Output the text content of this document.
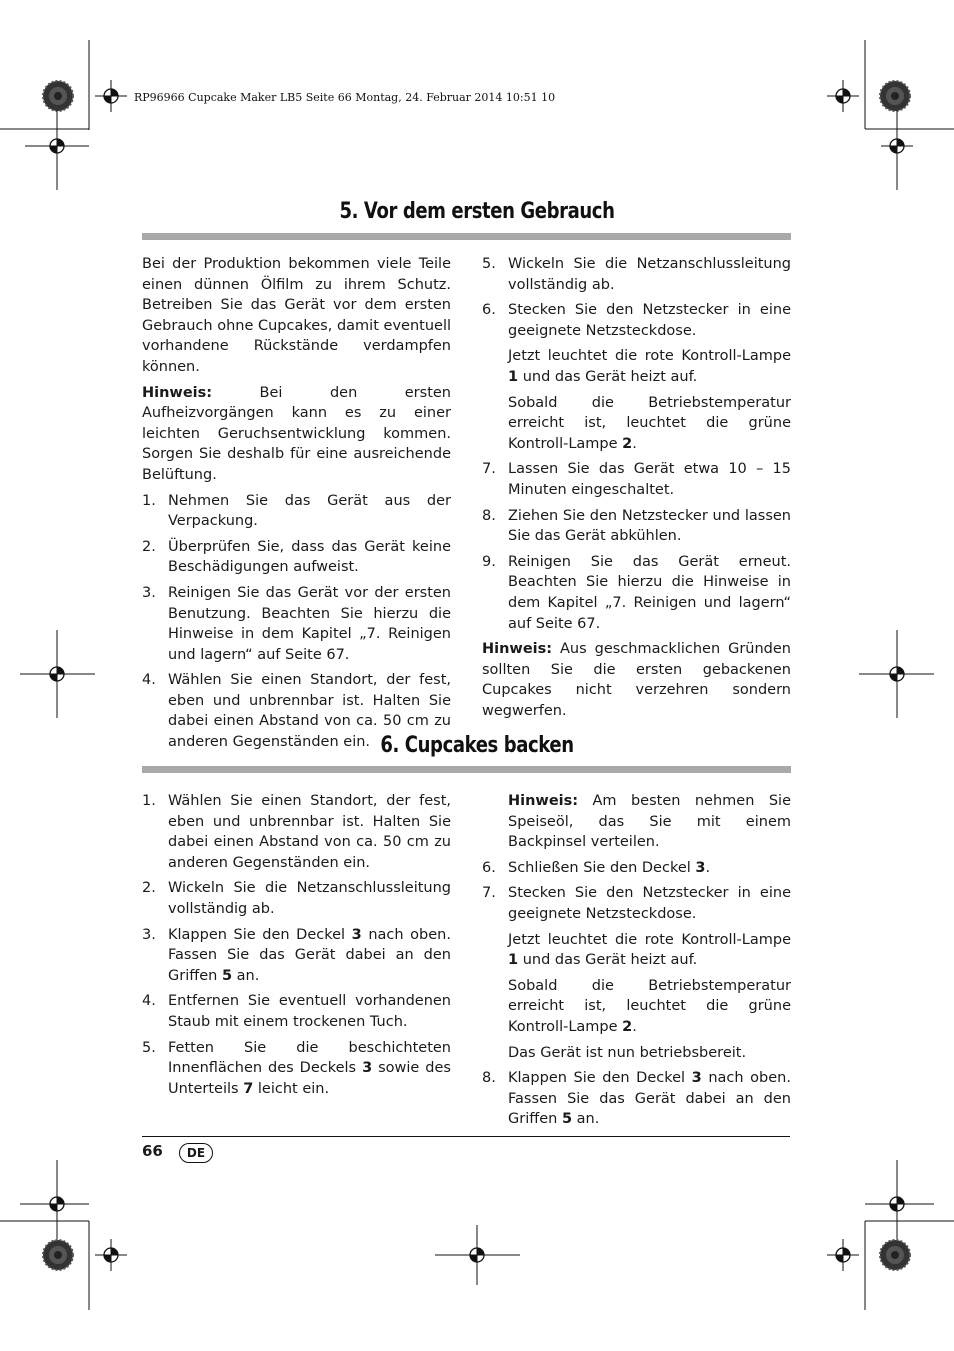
RP96966 Cupcake Maker LB5 Seite 66 Montag, 24. Februar 2014 10:51 10
5. Vor dem ersten Gebrauch

Bei der Produktion bekommen viele Teile einen dünnen Ölfilm zu ihrem Schutz. Betreiben Sie das Gerät vor dem ersten Gebrauch ohne Cupcakes, damit eventuell vorhandene Rückstände verdampfen können.

Hinweis: Bei den ersten Aufheizvorgängen kann es zu einer leichten Geruchsentwicklung kommen. Sorgen Sie deshalb für eine ausreichende Belüftung.

1. Nehmen Sie das Gerät aus der Verpackung.
2. Überprüfen Sie, dass das Gerät keine Beschädigungen aufweist.
3. Reinigen Sie das Gerät vor der ersten Benutzung. Beachten Sie hierzu die Hinweise in dem Kapitel „7. Reinigen und lagern“ auf Seite 67.
4. Wählen Sie einen Standort, der fest, eben und unbrennbar ist. Halten Sie dabei einen Abstand von ca. 50 cm zu anderen Gegenständen ein.
5. Wickeln Sie die Netzanschlussleitung vollständig ab.
6. Stecken Sie den Netzstecker in eine geeignete Netzsteckdose.

Jetzt leuchtet die rote Kontroll-Lampe 1 und das Gerät heizt auf.

Sobald die Betriebstemperatur erreicht ist, leuchtet die grüne Kontroll-Lampe 2.

7. Lassen Sie das Gerät etwa 10 – 15 Minuten eingeschaltet.
8. Ziehen Sie den Netzstecker und lassen Sie das Gerät abkühlen.
9. Reinigen Sie das Gerät erneut. Beachten Sie hierzu die Hinweise in dem Kapitel „7. Reinigen und lagern“ auf Seite 67.

Hinweis: Aus geschmacklichen Gründen sollten Sie die ersten gebackenen Cupcakes nicht verzehren sondern wegwerfen.

6. Cupcakes backen
1. Wählen Sie einen Standort, der fest, eben und unbrennbar ist. Halten Sie dabei einen Abstand von ca. 50 cm zu anderen Gegenständen ein.
2. Wickeln Sie die Netzanschlussleitung vollständig ab.
3. Klappen Sie den Deckel 3 nach oben. Fassen Sie das Gerät dabei an den Griffen 5 an.
4. Entfernen Sie eventuell vorhandenen Staub mit einem trockenen Tuch.
5. Fetten Sie die beschichteten Innenflächen des Deckels 3 sowie des Unterteils 7 leicht ein.

Hinweis: Am besten nehmen Sie Speiseöl, das Sie mit einem Backpinsel verteilen.

6. Schließen Sie den Deckel 3.
7. Stecken Sie den Netzstecker in eine geeignete Netzsteckdose.

Jetzt leuchtet die rote Kontroll-Lampe 1 und das Gerät heizt auf.

Sobald die Betriebstemperatur erreicht ist, leuchtet die grüne Kontroll-Lampe 2.

Das Gerät ist nun betriebsbereit.

8. Klappen Sie den Deckel 3 nach oben. Fassen Sie das Gerät dabei an den Griffen 5 an.
66	DE
